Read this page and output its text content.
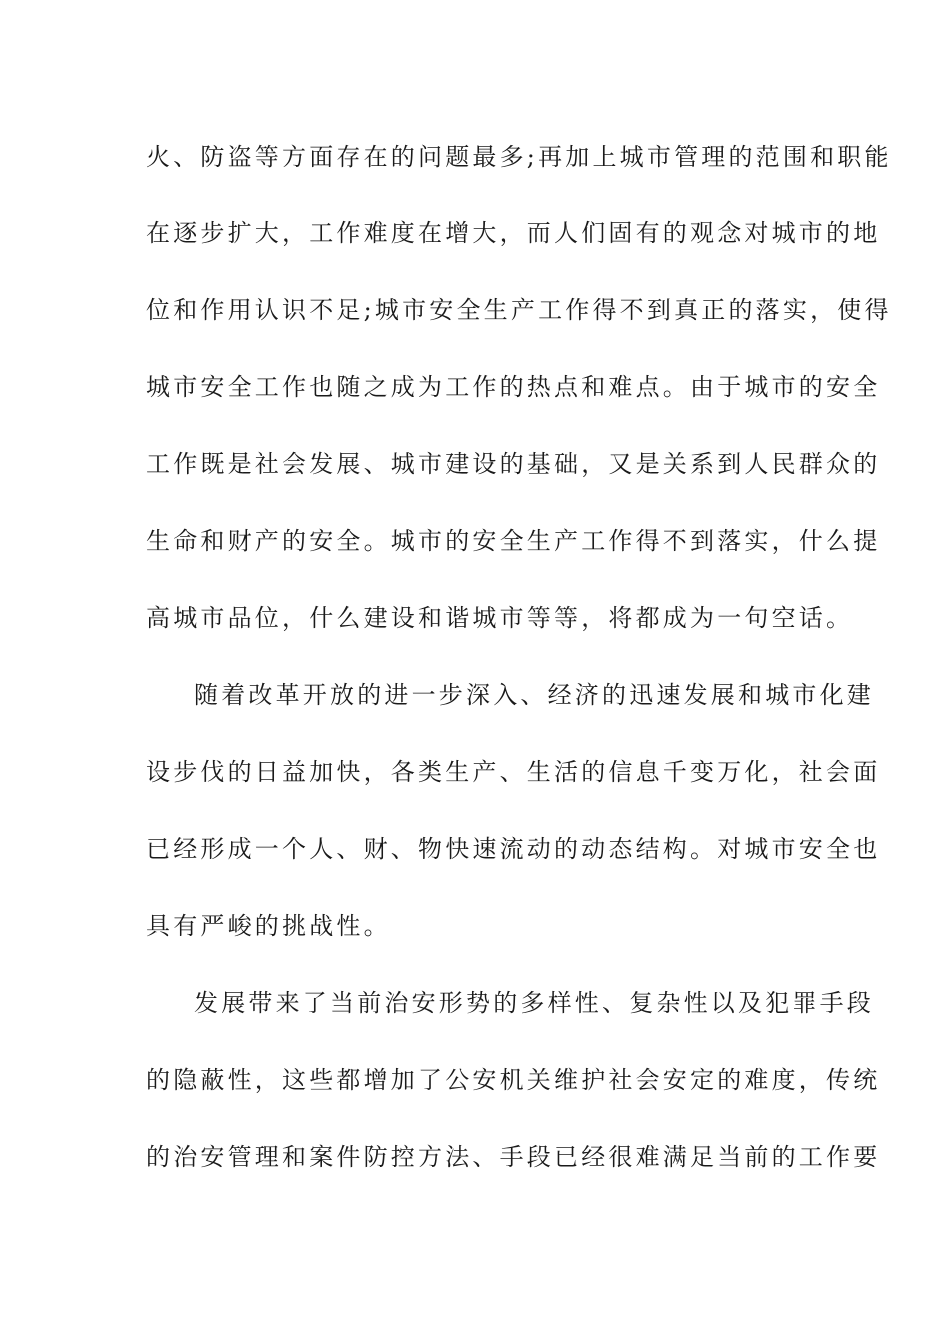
火、防盗等方面存在的问题最多;再加上城市管理的范围和职能
在逐步扩大，工作难度在增大，而人们固有的观念对城市的地
位和作用认识不足;城市安全生产工作得不到真正的落实，使得
城市安全工作也随之成为工作的热点和难点。由于城市的安全
工作既是社会发展、城市建设的基础，又是关系到人民群众的
生命和财产的安全。城市的安全生产工作得不到落实，什么提
高城市品位，什么建设和谐城市等等，将都成为一句空话。
随着改革开放的进一步深入、经济的迅速发展和城市化建
设步伐的日益加快，各类生产、生活的信息千变万化，社会面
已经形成一个人、财、物快速流动的动态结构。对城市安全也
具有严峻的挑战性。
发展带来了当前治安形势的多样性、复杂性以及犯罪手段
的隐蔽性，这些都增加了公安机关维护社会安定的难度，传统
的治安管理和案件防控方法、手段已经很难满足当前的工作要
